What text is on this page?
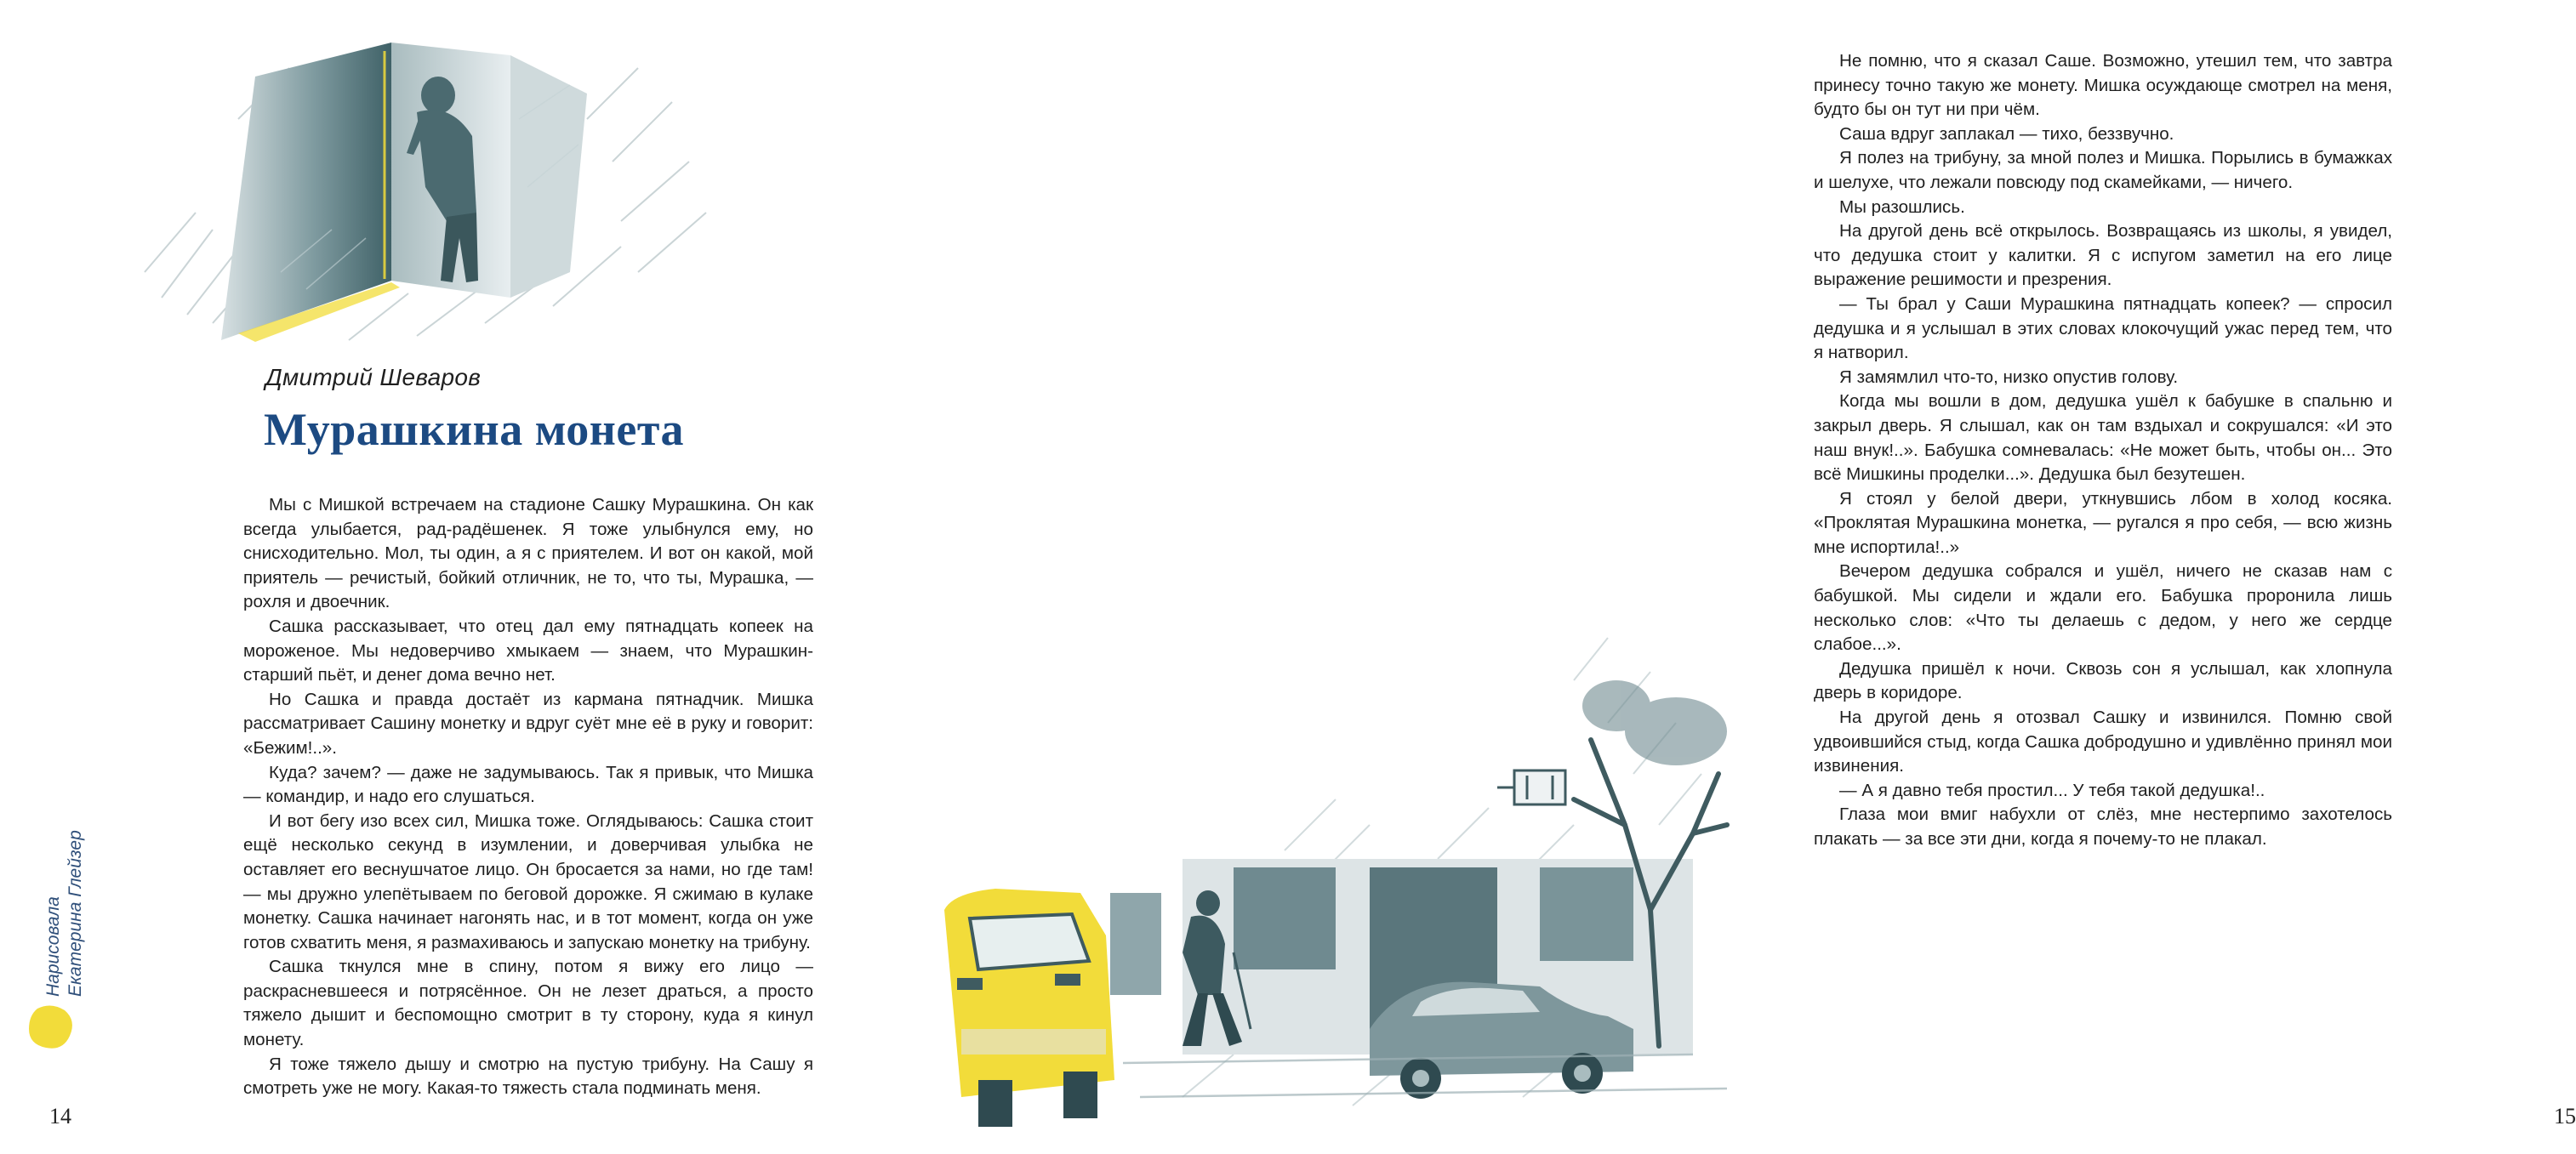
Дмитрий Шеваров
Мурашкина монета

Мы с Мишкой встречаем на стадионе Сашку Мурашкина. Он как всегда улыбается, рад-радёшенек. Я тоже улыбнулся ему, но снисходительно. Мол, ты один, а я с приятелем. И вот он какой, мой приятель — речистый, бойкий отличник, не то, что ты, Мурашка, — рохля и двоечник.

Сашка рассказывает, что отец дал ему пятнадцать копеек на мороженое. Мы недоверчиво хмыкаем — знаем, что Мурашкин-старший пьёт, и денег дома вечно нет.

Но Сашка и правда достаёт из кармана пятнадчик. Мишка рассматривает Сашину монетку и вдруг суёт мне её в руку и говорит: «Бежим!..».

Куда? зачем? — даже не задумываюсь. Так я привык, что Мишка — командир, и надо его слушаться.

И вот бегу изо всех сил, Мишка тоже. Оглядываюсь: Сашка стоит ещё несколько секунд в изумлении, и доверчивая улыбка не оставляет его веснушчатое лицо. Он бросается за нами, но где там! — мы дружно улепётываем по беговой дорожке. Я сжимаю в кулаке монетку. Сашка начинает нагонять нас, и в тот момент, когда он уже готов схватить меня, я размахиваюсь и запускаю монетку на трибуну.

Сашка ткнулся мне в спину, потом я вижу его лицо — раскрасневшееся и потрясённое. Он не лезет драться, а просто тяжело дышит и беспомощно смотрит в ту сторону, куда я кинул монету.

Я тоже тяжело дышу и смотрю на пустую трибуну. На Сашу я смотреть уже не могу. Какая-то тяжесть стала подминать меня.

Нарисовала Екатерина Глейзер
14

Не помню, что я сказал Саше. Возможно, утешил тем, что завтра принесу точно такую же монету. Мишка осуждающе смотрел на меня, будто бы он тут ни при чём.

Саша вдруг заплакал — тихо, беззвучно.

Я полез на трибуну, за мной полез и Мишка. Порылись в бумажках и шелухе, что лежали повсюду под скамейками, — ничего.

Мы разошлись.

На другой день всё открылось. Возвращаясь из школы, я увидел, что дедушка стоит у калитки. Я с испугом заметил на его лице выражение решимости и презрения.

— Ты брал у Саши Мурашкина пятнадцать копеек? — спросил дедушка и я услышал в этих словах клокочущий ужас перед тем, что я натворил.

Я замямлил что-то, низко опустив голову.

Когда мы вошли в дом, дедушка ушёл к бабушке в спальню и закрыл дверь. Я слышал, как он там вздыхал и сокрушался: «И это наш внук!..». Бабушка сомневалась: «Не может быть, чтобы он... Это всё Мишкины проделки...». Дедушка был безутешен.

Я стоял у белой двери, уткнувшись лбом в холод косяка. «Проклятая Мурашкина монетка, — ругался я про себя, — всю жизнь мне испортила!..»

Вечером дедушка собрался и ушёл, ничего не сказав нам с бабушкой. Мы сидели и ждали его. Бабушка проронила лишь несколько слов: «Что ты делаешь с дедом, у него же сердце слабое...».

Дедушка пришёл к ночи. Сквозь сон я услышал, как хлопнула дверь в коридоре.

На другой день я отозвал Сашку и извинился. Помню свой удвоившийся стыд, когда Сашка добродушно и удивлённо принял мои извинения.

— А я давно тебя простил... У тебя такой дедушка!..

Глаза мои вмиг набухли от слёз, мне нестерпимо захотелось плакать — за все эти дни, когда я почему-то не плакал.

15
